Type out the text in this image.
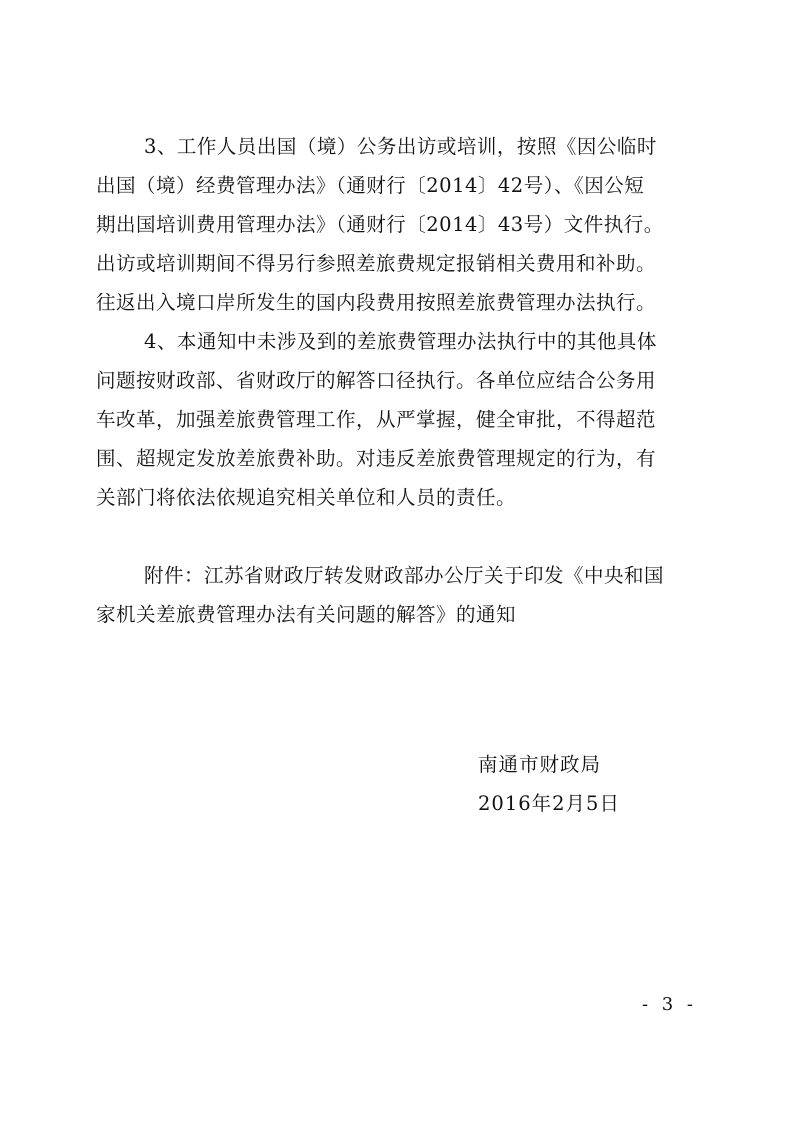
3、工作人员出国（境）公务出访或培训，按照《因公临时
出国（境）经费管理办法》（通财行〔2014〕42号）、《因公短
期出国培训费用管理办法》（通财行〔2014〕43号）文件执行。
出访或培训期间不得另行参照差旅费规定报销相关费用和补助。
往返出入境口岸所发生的国内段费用按照差旅费管理办法执行。
4、本通知中未涉及到的差旅费管理办法执行中的其他具体
问题按财政部、省财政厅的解答口径执行。各单位应结合公务用
车改革，加强差旅费管理工作，从严掌握，健全审批，不得超范
围、超规定发放差旅费补助。对违反差旅费管理规定的行为，有
关部门将依法依规追究相关单位和人员的责任。
附件：江苏省财政厅转发财政部办公厅关于印发《中央和国
家机关差旅费管理办法有关问题的解答》的通知
南通市财政局
2016年2月5日
- 3 -
